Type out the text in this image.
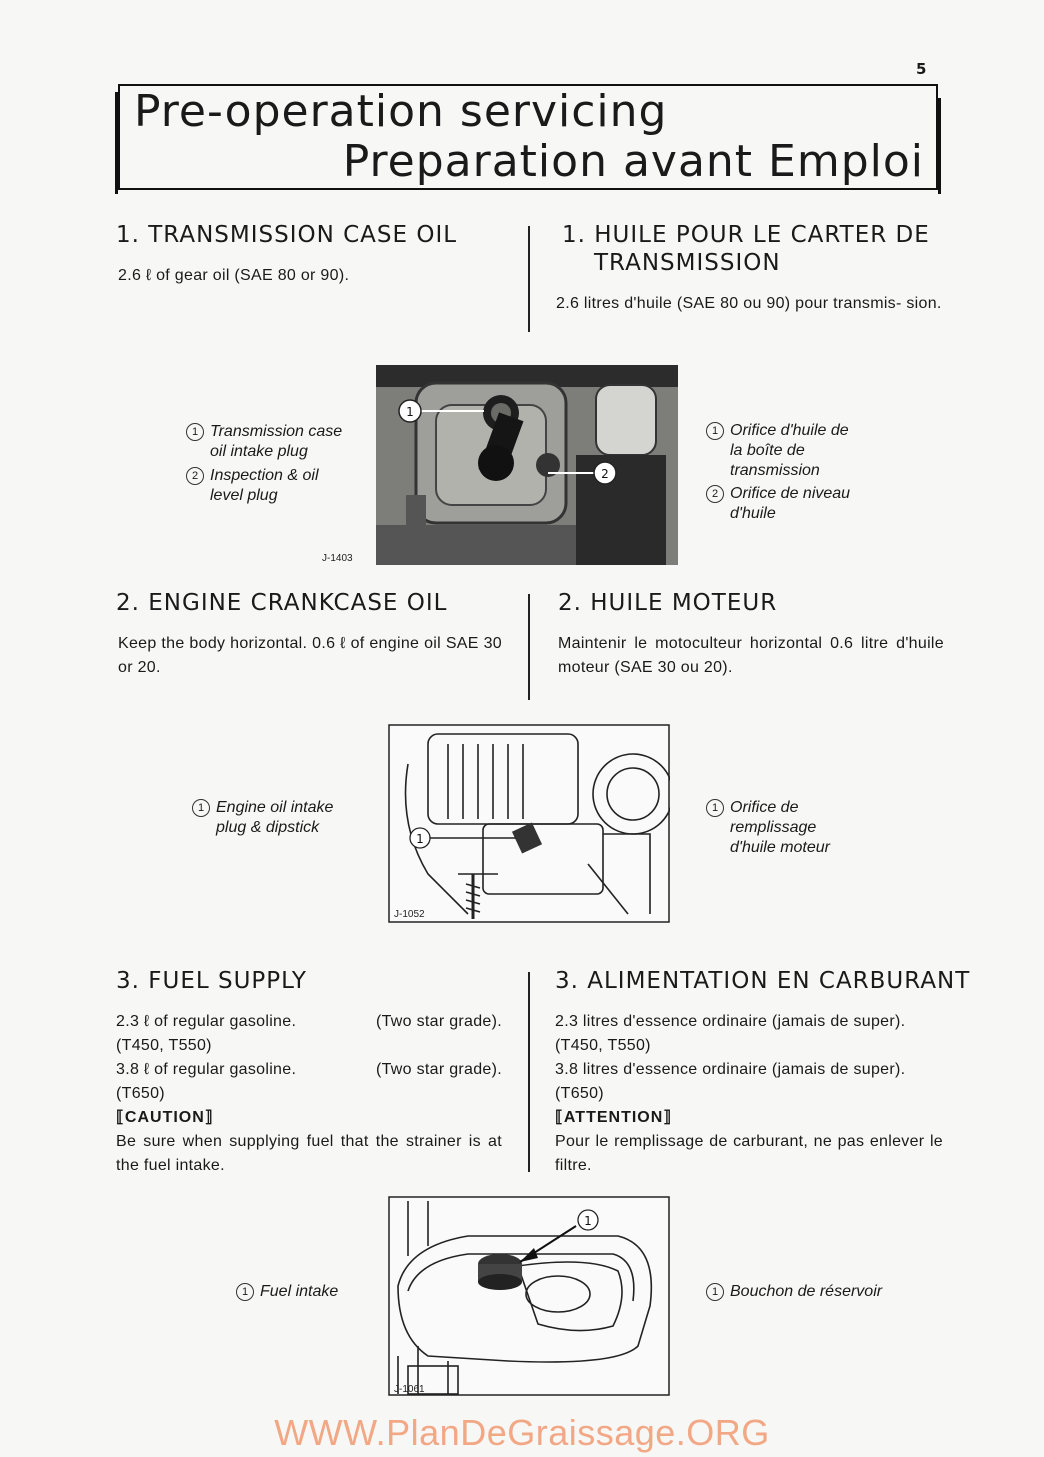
5
Pre-operation servicing
Preparation avant Emploi
1. TRANSMISSION CASE OIL
2.6 ℓ of gear oil (SAE 80 or 90).
1. HUILE POUR LE CARTER DE
TRANSMISSION
2.6 litres d'huile (SAE 80 ou 90) pour transmis- sion.
1 Transmission case
oil intake plug
2 Inspection & oil
level plug
J-1403
1
2
1 Orifice d'huile de
la boîte de
transmission
2 Orifice de niveau
d'huile
2. ENGINE CRANKCASE OIL
Keep the body horizontal. 0.6 ℓ of engine oil SAE 30 or 20.
2. HUILE MOTEUR
Maintenir le motoculteur horizontal 0.6 litre d'huile moteur (SAE 30 ou 20).
1 Engine oil intake
plug & dipstick
1
J-1052
1 Orifice de
remplissage
d'huile moteur
3. FUEL SUPPLY
2.3 ℓ of regular gasoline.	(Two star grade).
(T450, T550)
3.8 ℓ of regular gasoline.	(Two star grade).
(T650)
⟦CAUTION⟧
Be sure when supplying fuel that the strainer is at the fuel intake.
3. ALIMENTATION EN CARBURANT
2.3 litres d'essence ordinaire (jamais de super).
(T450, T550)
3.8 litres d'essence ordinaire (jamais de super).
(T650)
⟦ATTENTION⟧
Pour le remplissage de carburant, ne pas enlever le filtre.
1 Fuel intake
1
J-1061
1 Bouchon de réservoir
WWW.PlanDeGraissage.ORG
